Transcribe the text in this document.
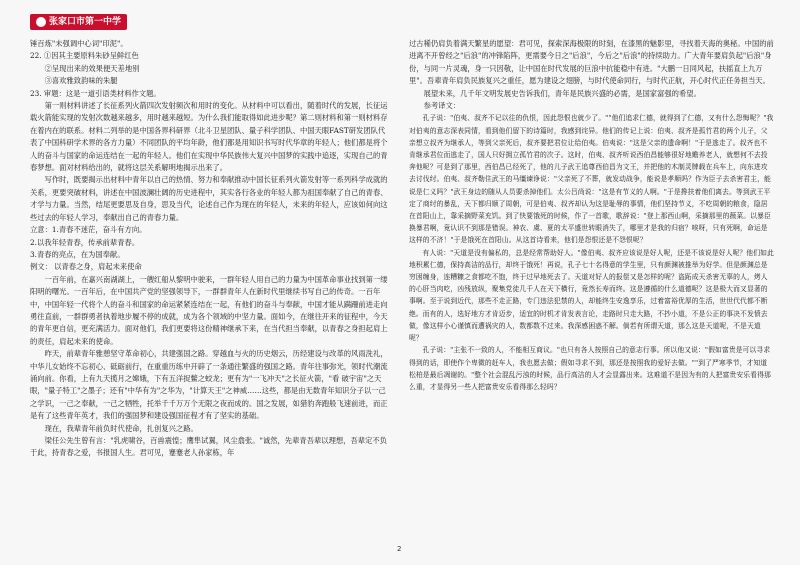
张家口市第一中学

锤百炼"未强调中心词"印泥"。

22. ①因其主要原料朱砂呈鲜红色

②呈现出来的效果便天差地别

③喜欢雅致韵味的朱腿

23. 审题：这是一道引语类材料作文题。

第一则材料讲述了长征系列火箭四次发射频次和用时的变化。从材料中可以看出，随着时代的发展，长征运载火箭能实现的发射次数越来越多，用时越来越短。为什么我们能取得如此进步呢？第二则材料和第一则材料存在着内在的联系。材料二列举的是中国各界科研界（北斗卫星团队、量子科学团队、中国天眼FAST研发团队代表了中国科研学术界的各方力量）不同团队的平均年龄，他们都是用知识书写时代华章的年轻人；他们都是将个人的奋斗与国家的命运连结在一起的年轻人。他们在实现中华民族伟大复兴中国梦的实践中追逐，实现自己的青春梦想。面对材料给出的，就将这层关系解明地揭示出来了。

写作时，既要揭示出材料中青年以自己的热情、努力和奉献推动中国长征系列火箭发射等一系列科学成就的关系，更要突破材料，讲述在中国波澜壮阔的历史进程中，其实各行各业的年轻人都为祖国奉献了自己的青春、才学与力量。当然，结尾更要思及自身，思及当代，论述自己作为现在的年轻人，未来的年轻人，应该如何向这些过去的年轻人学习，奉献出自己的青春力量。

立意：1.青春不迷茫，奋斗有方向。

2.以我年轻青春，传承前辈青春。

3.青春的亮点，在为国奉献。

例文： 以青春之身，肩起未来使命

一百年前，在嘉兴南湖湖上，一艘红船从黎明中驶来，一群年轻人用自己的力量为中国革命事业找到第一缕阳明的曙光。一百年后，在中国共产党的坚强领导下，一群群青年人在新时代里继续书写自己的传奇。一百年中，中国年轻一代将个人的奋斗和国家的命运紧紧连结在一起，有他们的奋斗与奉献，中国才能从蹒跚前进走向勇往直前，一群群勇者执着地步履不停的成就，成为各个领域的中坚力量。面如今，在继往开来的征程中，今天的青年更自信，更充满活力。面对他们，我们更要将这份精神继承下来，在当代担当奉献，以青春之身担起肩上的责任，肩起未来的使命。

昨天，前辈青年雅憩坚守革命初心，共建强国之路。穿越血与火的历史烟云，历经建设与改革的风雨洗礼，中华儿女始终不忘初心、砥砺前行，在重重历练中开辟了一条通往繁盛的强国之路。青年往事弥光，领时代潮流涌向前。你看，上有九天揽月之嫦娥，下有五洋捉鳖之蛟龙；更有为"一飞冲天"之长征火箭，"看 破宇宙"之天眼，"量子特工"之墨子；还有"中华有为"之华为，"计算天王"之神威……这些，都是由无数青年知识分子以一己之学识，一己之奉献，一己之牺牲，托举千千万万个无限之夜而成的。国之发展，如猎豹奔跑般飞速前进，而正是有了这些青年英才，我们的强国梦和建设强国征程才有了坚实的基础。

现在，我辈青年前负时代使命，扎创复兴之路。

梁任公先生曾有言："乳虎啸谷，百兽震惶；鹰隼试翼，风尘翕张。"诚然，先辈青吾辈以理想，吾辈定不负于此，持青春之爱，书报国人生。君可见，蹇蹇老人孙家栋，年

过古稀仍肩负着满天繁星的愿望：君可见，探索深海极限的时刻，在漆黑的魅影里，寻找着天海的奥秘。中国的前进离不开曾经之"后浪"的冲锋陷阵，更需要今日之"后浪"，今后之"后浪"的持续助力。广大青年要肩负起"后浪"身份，与同一片灵魂，身一只因敬，让中国在时代发展的巨浪中抗能稳中有进。"大鹏一日同风起，扶摇直上九万里"。吾辈青年肩负民族复兴之重任，愿为建设之翅膀，与时代使命同行，与时代正航，开心时代正任务担当天。

展望未来，几千年文明发展史告诉我们，青年是民族兴盛的必需，是国家富强的希望。

参考译文：

孔子说："伯夷、叔齐不记以往的仇恨，因此怨恨也就少了。""他们追求仁德，就得到了仁德，又有什么怨悔呢？"我对伯夷的意志深表同情，看到他们留下的诗篇时，我感到诧异。他们的传记上说：伯夷、叔齐是孤竹君的两个儿子，父亲想立叔齐为继承人，等到父亲死后，叔齐要把君位让给伯夷。伯夷说："这是父亲的遗命啊！"于是逃走了。叔齐也不肯继承君位而逃走了，国人只好拥立孤竹君的次子。这时，伯夷、叔齐听说西伯昌能够很好地赡养老人，就想何不去投奔他呢？可是到了那里，西伯昌已经死了，他的儿子武王追尊西伯昌为文王，并把他的木制灵牌载在兵车上，向东进攻去讨伐纣。伯夷、叔齐勒住武王的马缰谏诤说："父亲死了不葬，就发动战争，能说是孝顺吗？作为臣子去杀害君主，能说是仁义吗？"武王身边的随从人员要杀掉他们。太公吕尚说："这是有节义的人啊。"于是搀扶着他们离去。等到武王平定了商纣的暴乱，天下都归顺了周朝，可是伯夷、叔齐却认为这是耻辱的事情，他们坚持节义，不吃周朝的粮食，隐居在首阳山上，靠采摘野菜充饥。到了快要饿死的时候，作了一首歌，歌辞说："登上那西山啊，采摘那里的薇菜。以暴臣换暴君啊，竟认识不到那是错误。神农、虞、夏的太平盛世转眼消失了，哪里才是我的归宿？唉呀，只有死啊，命运是这样的不济！"于是饿死在首阳山。从这首诗看来，他们是怨恨还是不怨恨呢？

有人说："天道是没有偏私的，总是经常帮助好人。"像伯夷、叔齐应该说是好人呢，还是不该说是好人呢？他们如此地积累仁德，保持高洁的品行，却终于饿死！再说，孔子七十名得意的学生里，只有颜渊被推举为好学。但是颜渊总是穷困缠身，连糟糠之食都吃不饱，终于过早地死去了。天道对好人的报偿又是怎样的呢？盗跖成天杀害无辜的人，烤人的心肝当肉吃，凶残放纵，聚集党徒几千人在天下横行，竟然长寿而终。这是遵循的什么道德呢？这是极大而又显著的事啊。至于说到近代，那些不走正路，专门违法犯禁的人，却能终生安逸享乐，过着富裕优厚的生活，世世代代都不断绝。而有的人，选好地方才肯迈步，适宜的时机才肯发表言论，走路时只走大路，不抄小道，不是公正的事决不发愤去做，像这样小心谨慎而遭祸灾的人，数都数不过来。我深感困惑不解。倘若有所谓天道，那么这是天道呢，不是天道呢？

孔子说："主张不一致的人，不能相互商议。"也只有各人按照自己的意志行事。所以他又说："假如富贵是可以寻求得到的话，即使作个卑微的赶车人，我也愿去做；假如寻求不到，那还是按照我的爱好去做。""到了严寒季节，才知道松柏是最后凋谢的。"整个社会混乱污浊的时候，品行高洁的人才会显露出来。这难道不是因为有的人把富贵安乐看得那么重，才显得另一些人把富贵安乐看得那么轻吗？

2
